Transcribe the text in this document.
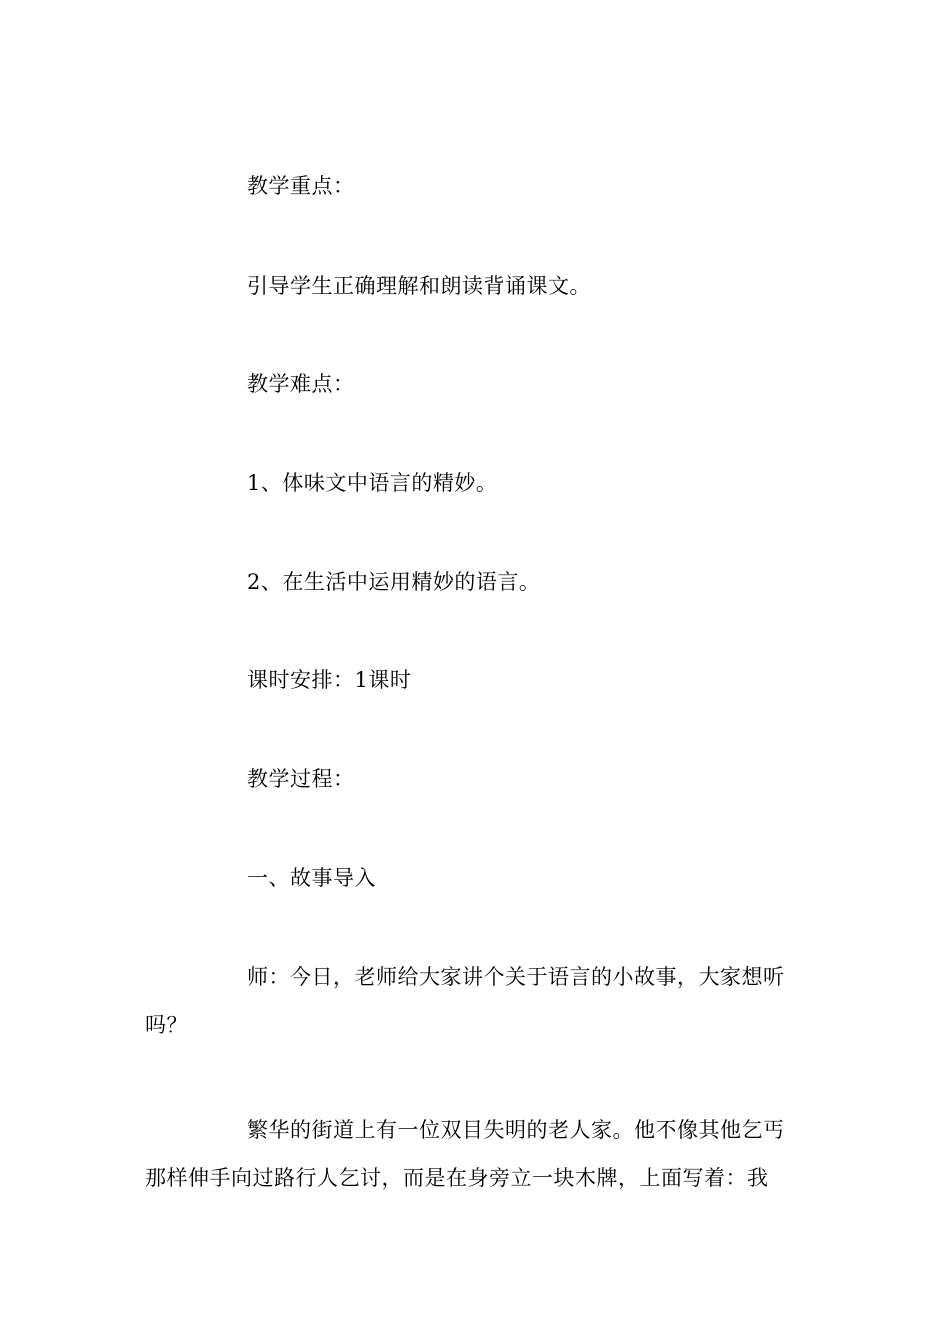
教学重点：

引导学生正确理解和朗读背诵课文。

教学难点：

1、体味文中语言的精妙。

2、在生活中运用精妙的语言。

课时安排：1课时

教学过程：

一、故事导入

师：今日，老师给大家讲个关于语言的小故事，大家想听
吗？

繁华的街道上有一位双目失明的老人家。他不像其他乞丐
那样伸手向过路行人乞讨，而是在身旁立一块木牌，上面写着：我
